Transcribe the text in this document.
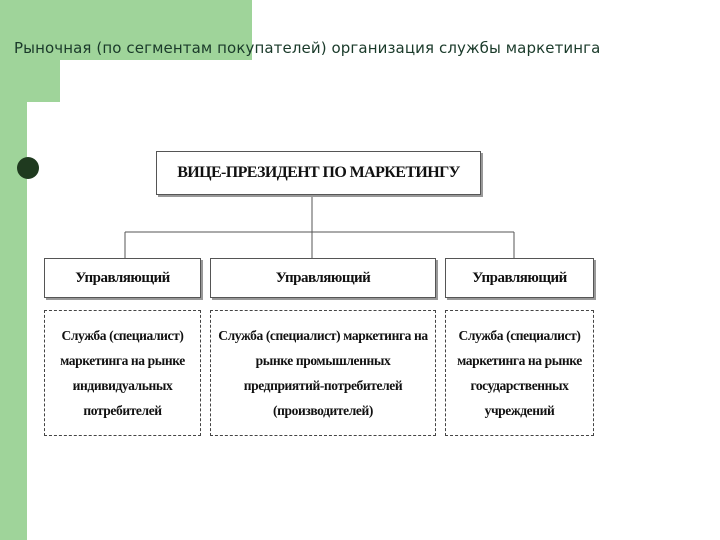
Рыночная (по сегментам покупателей) организация службы маркетинга
ВИЦЕ-ПРЕЗИДЕНТ ПО МАРКЕТИНГУ
Управляющий	Управляющий	Управляющий
Служба (специалист) маркетинга на рынке индивидуальных потребителей
Служба (специалист) маркетинга на рынке промышленных предприятий-потребителей (производителей)
Служба (специалист) маркетинга на рынке государственных учреждений
